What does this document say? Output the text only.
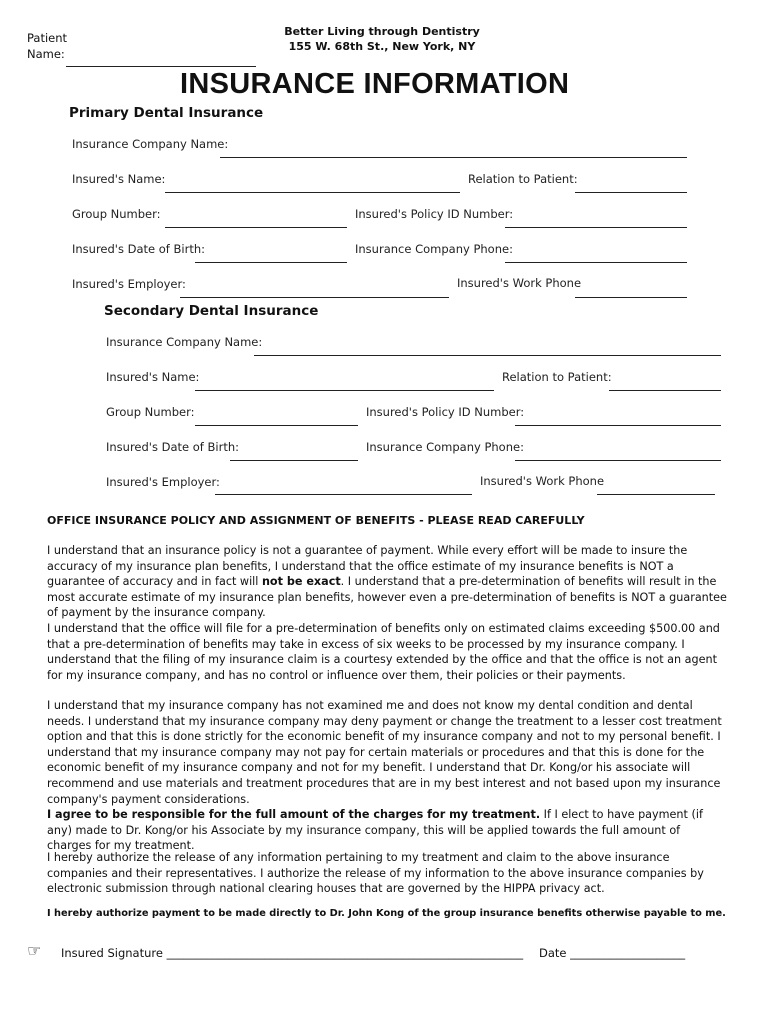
Patient
Name:
Better Living through Dentistry
155 W. 68th St., New York, NY
INSURANCE INFORMATION
Primary Dental Insurance
Insurance Company Name:
Insured's Name:	Relation to Patient:
Group Number:	Insured's Policy ID Number:
Insured's Date of Birth:	Insurance Company Phone:
Insured's Employer:	Insured's Work Phone
Secondary Dental Insurance
Insurance Company Name:
Insured's Name:	Relation to Patient:
Group Number:	Insured's Policy ID Number:
Insured's Date of Birth:	Insurance Company Phone:
Insured's Employer:	Insured's Work Phone
OFFICE INSURANCE POLICY AND ASSIGNMENT OF BENEFITS - PLEASE READ CAREFULLY
I understand that an insurance policy is not a guarantee of payment. While every effort will be made to insure the accuracy of my insurance plan benefits, I understand that the office estimate of my insurance benefits is NOT a guarantee of accuracy and in fact will not be exact. I understand that a pre-determination of benefits will result in the most accurate estimate of my insurance plan benefits, however even a pre-determination of benefits is NOT a guarantee of payment by the insurance company.
I understand that the office will file for a pre-determination of benefits only on estimated claims exceeding $500.00 and that a pre-determination of benefits may take in excess of six weeks to be processed by my insurance company. I understand that the filing of my insurance claim is a courtesy extended by the office and that the office is not an agent for my insurance company, and has no control or influence over them, their policies or their payments.
I understand that my insurance company has not examined me and does not know my dental condition and dental needs. I understand that my insurance company may deny payment or change the treatment to a lesser cost treatment option and that this is done strictly for the economic benefit of my insurance company and not to my personal benefit. I understand that my insurance company may not pay for certain materials or procedures and that this is done for the economic benefit of my insurance company and not for my benefit. I understand that Dr. Kong/or his associate will recommend and use materials and treatment procedures that are in my best interest and not based upon my insurance company's payment considerations.
I agree to be responsible for the full amount of the charges for my treatment. If I elect to have payment (if any) made to Dr. Kong/or his Associate by my insurance company, this will be applied towards the full amount of charges for my treatment.
I hereby authorize the release of any information pertaining to my treatment and claim to the above insurance companies and their representatives. I authorize the release of my information to the above insurance companies by electronic submission through national clearing houses that are governed by the HIPPA privacy act.
I hereby authorize payment to be made directly to Dr. John Kong of the group insurance benefits otherwise payable to me.
☞ Insured Signature ______________________________________________________________ Date ____________________
